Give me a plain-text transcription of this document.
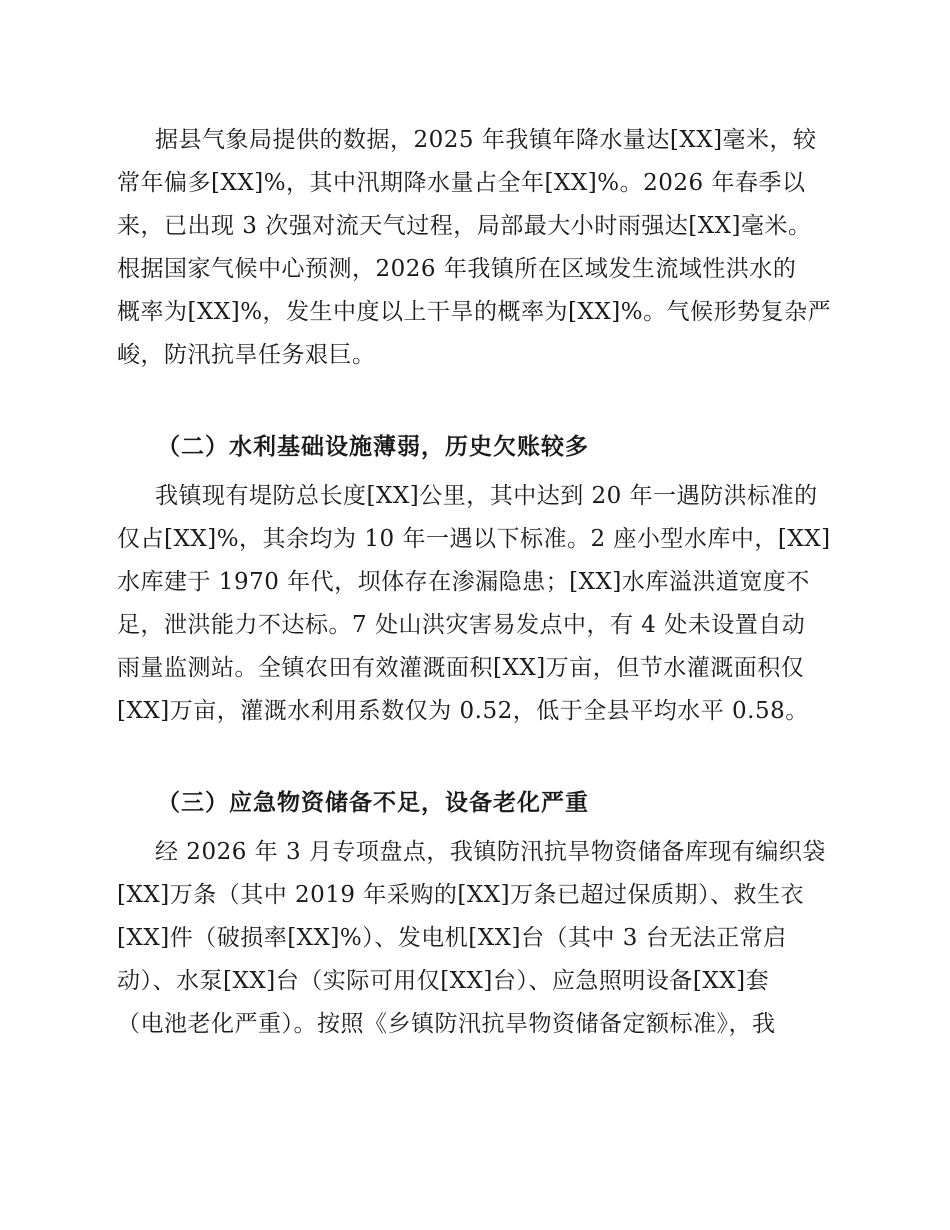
据县气象局提供的数据，2025 年我镇年降水量达[XX]毫米，较
常年偏多[XX]%，其中汛期降水量占全年[XX]%。2026 年春季以
来，已出现 3 次强对流天气过程，局部最大小时雨强达[XX]毫米。
根据国家气候中心预测，2026 年我镇所在区域发生流域性洪水的
概率为[XX]%，发生中度以上干旱的概率为[XX]%。气候形势复杂严
峻，防汛抗旱任务艰巨。
（二）水利基础设施薄弱，历史欠账较多
我镇现有堤防总长度[XX]公里，其中达到 20 年一遇防洪标准的
仅占[XX]%，其余均为 10 年一遇以下标准。2 座小型水库中，[XX]
水库建于 1970 年代，坝体存在渗漏隐患；[XX]水库溢洪道宽度不
足，泄洪能力不达标。7 处山洪灾害易发点中，有 4 处未设置自动
雨量监测站。全镇农田有效灌溉面积[XX]万亩，但节水灌溉面积仅
[XX]万亩，灌溉水利用系数仅为 0.52，低于全县平均水平 0.58。
（三）应急物资储备不足，设备老化严重
经 2026 年 3 月专项盘点，我镇防汛抗旱物资储备库现有编织袋
[XX]万条（其中 2019 年采购的[XX]万条已超过保质期）、救生衣
[XX]件（破损率[XX]%）、发电机[XX]台（其中 3 台无法正常启
动）、水泵[XX]台（实际可用仅[XX]台）、应急照明设备[XX]套
（电池老化严重）。按照《乡镇防汛抗旱物资储备定额标准》，我
